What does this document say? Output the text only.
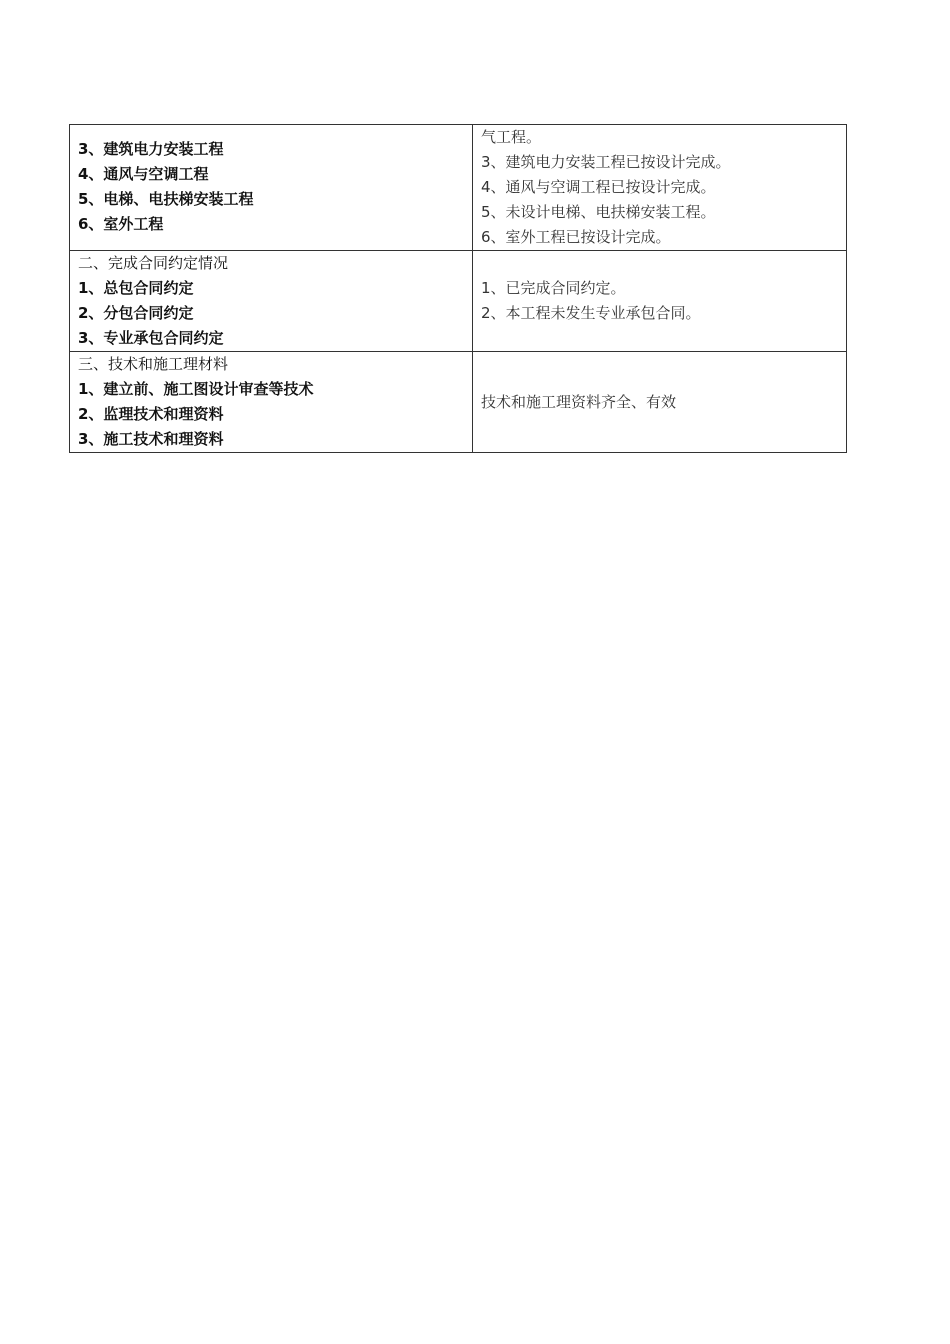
3、建筑电力安装工程
4、通风与空调工程
5、电梯、电扶梯安装工程
6、室外工程	气工程。
3、建筑电力安装工程已按设计完成。
4、通风与空调工程已按设计完成。
5、未设计电梯、电扶梯安装工程。
6、室外工程已按设计完成。

二、完成合同约定情况
1、总包合同约定
2、分包合同约定
3、专业承包合同约定	1、已完成合同约定。
2、本工程未发生专业承包合同。

三、技术和施工理材料
1、建立前、施工图设计审查等技术
2、监理技术和理资料
3、施工技术和理资料	技术和施工理资料齐全、有效
